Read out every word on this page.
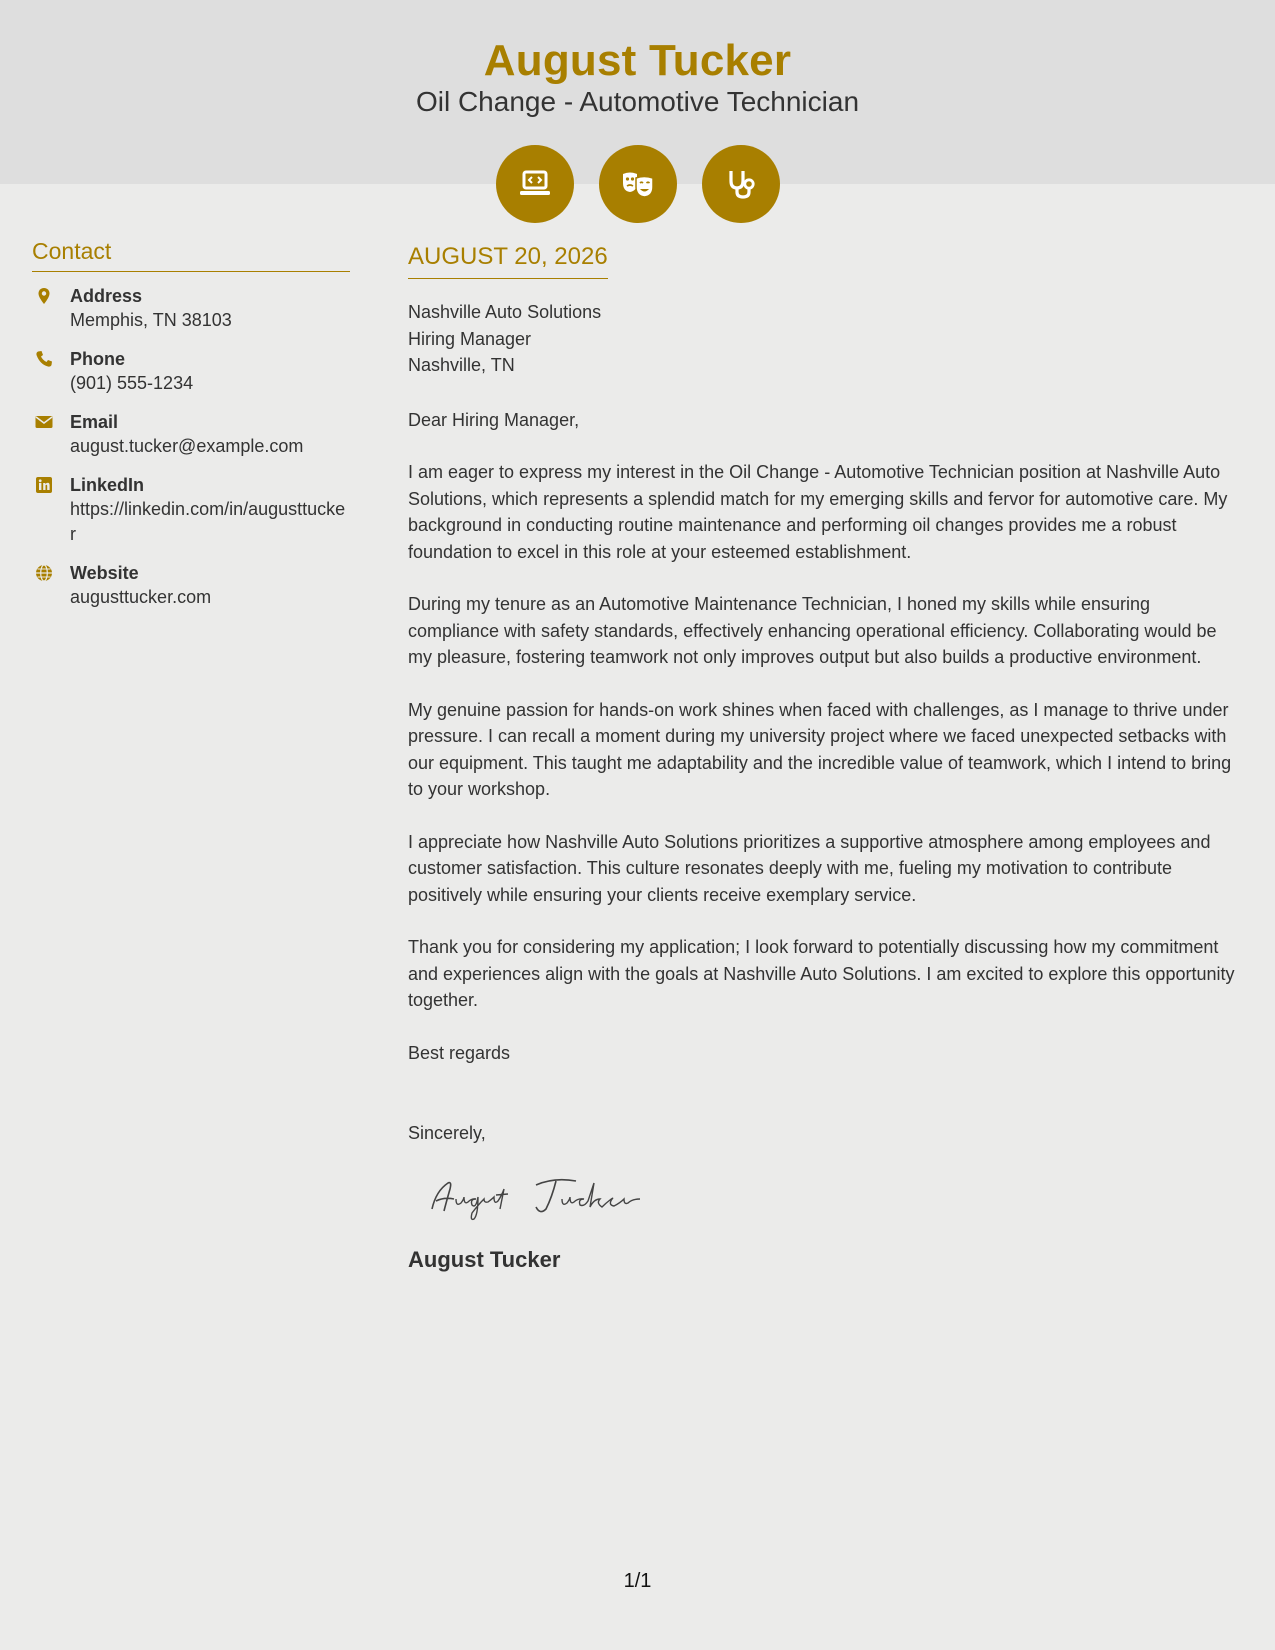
August Tucker
Oil Change - Automotive Technician
Contact
Address
Memphis, TN 38103
Phone
(901) 555-1234
Email
august.tucker@example.com
LinkedIn
https://linkedin.com/in/augusttucker
Website
augusttucker.com
AUGUST 20, 2026
Nashville Auto Solutions
Hiring Manager
Nashville, TN
Dear Hiring Manager,
I am eager to express my interest in the Oil Change - Automotive Technician position at Nashville Auto Solutions, which represents a splendid match for my emerging skills and fervor for automotive care. My background in conducting routine maintenance and performing oil changes provides me a robust foundation to excel in this role at your esteemed establishment.
During my tenure as an Automotive Maintenance Technician, I honed my skills while ensuring compliance with safety standards, effectively enhancing operational efficiency. Collaborating would be my pleasure, fostering teamwork not only improves output but also builds a productive environment.
My genuine passion for hands-on work shines when faced with challenges, as I manage to thrive under pressure. I can recall a moment during my university project where we faced unexpected setbacks with our equipment. This taught me adaptability and the incredible value of teamwork, which I intend to bring to your workshop.
I appreciate how Nashville Auto Solutions prioritizes a supportive atmosphere among employees and customer satisfaction. This culture resonates deeply with me, fueling my motivation to contribute positively while ensuring your clients receive exemplary service.
Thank you for considering my application; I look forward to potentially discussing how my commitment and experiences align with the goals at Nashville Auto Solutions. I am excited to explore this opportunity together.
Best regards
Sincerely,
August Tucker
1/1
